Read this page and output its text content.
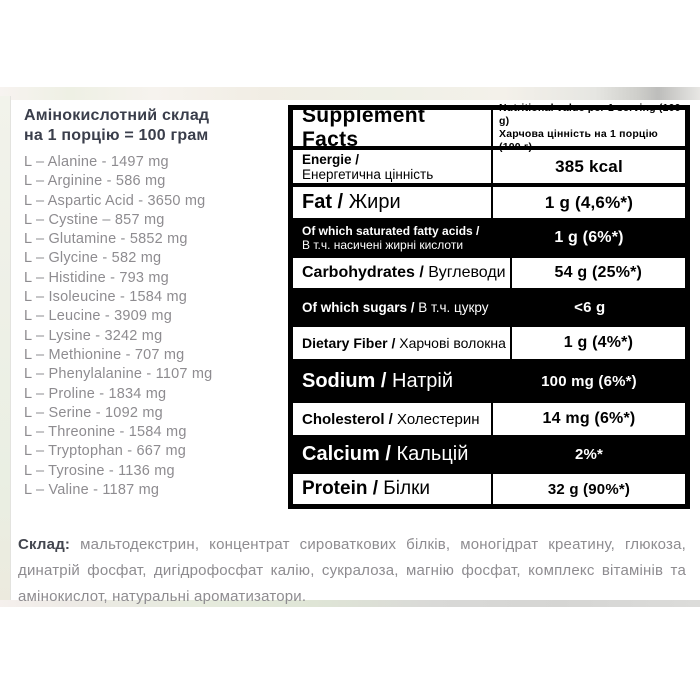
Амінокислотний склад
на 1 порцію = 100 грам
L – Alanine - 1497 mg
L – Arginine - 586 mg
L – Aspartic Acid - 3650 mg
L – Cystine – 857 mg
L – Glutamine - 5852 mg
L – Glycine - 582 mg
L – Histidine - 793 mg
L – Isoleucine - 1584 mg
L – Leucine - 3909 mg
L – Lysine - 3242 mg
L – Methionine - 707 mg
L – Phenylalanine - 1107 mg
L – Proline - 1834 mg
L – Serine - 1092 mg
L – Threonine - 1584 mg
L – Tryptophan - 667 mg
L – Tyrosine - 1136 mg
L – Valine - 1187 mg
Supplement Facts
Nutritional value per 1 serving (100 g)
Харчова цінність на 1 порцію (100 г)
Energie /
Енергетична цінність	385 kcal
Fat / Жири	1 g (4,6%*)
Of which saturated fatty acids /
В т.ч. насичені жирні кислоти	1 g (6%*)
Carbohydrates / Вуглеводи	54 g (25%*)
Of which sugars / В т.ч. цукру	<6 g
Dietary Fiber / Харчові волокна	1 g (4%*)
Sodium / Натрій	100 mg (6%*)
Cholesterol / Холестерин	14 mg (6%*)
Calcium / Кальцій	2%*
Protein / Білки	32 g (90%*)

Склад: мальтодекстрин, концентрат сироваткових білків, моногідрат креатину, глюкоза, динатрій фосфат, дигідрофосфат калію, сукралоза, магнію фосфат, комплекс вітамінів та амінокислот, натуральні ароматизатори.
